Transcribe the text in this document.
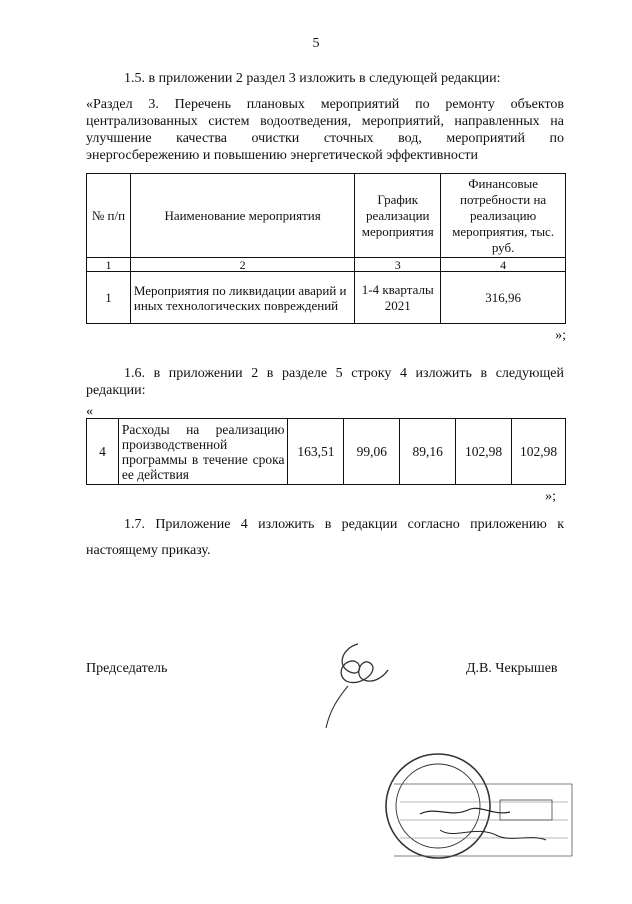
5
1.5. в приложении 2 раздел 3 изложить в следующей редакции:
«Раздел 3. Перечень плановых мероприятий по ремонту объектов
централизованных систем водоотведения, мероприятий, направленных на
улучшение качества очистки сточных вод, мероприятий по
энергосбережению и повышению энергетической эффективности
№ п/п	Наименование мероприятия	График реализации мероприятия	Финансовые потребности на реализацию мероприятия, тыс. руб.
1	2	3	4
1	Мероприятия по ликвидации аварий и иных технологических повреждений	1-4 кварталы 2021	316,96
»;
1.6. в приложении 2 в разделе 5 строку 4 изложить в следующей
редакции:
«
4	Расходы на реализацию производственной программы в течение срока ее действия	163,51	99,06	89,16	102,98	102,98
»;
1.7. Приложение 4 изложить в редакции согласно приложению к
настоящему приказу.
Председатель	Д.В. Чекрышев
